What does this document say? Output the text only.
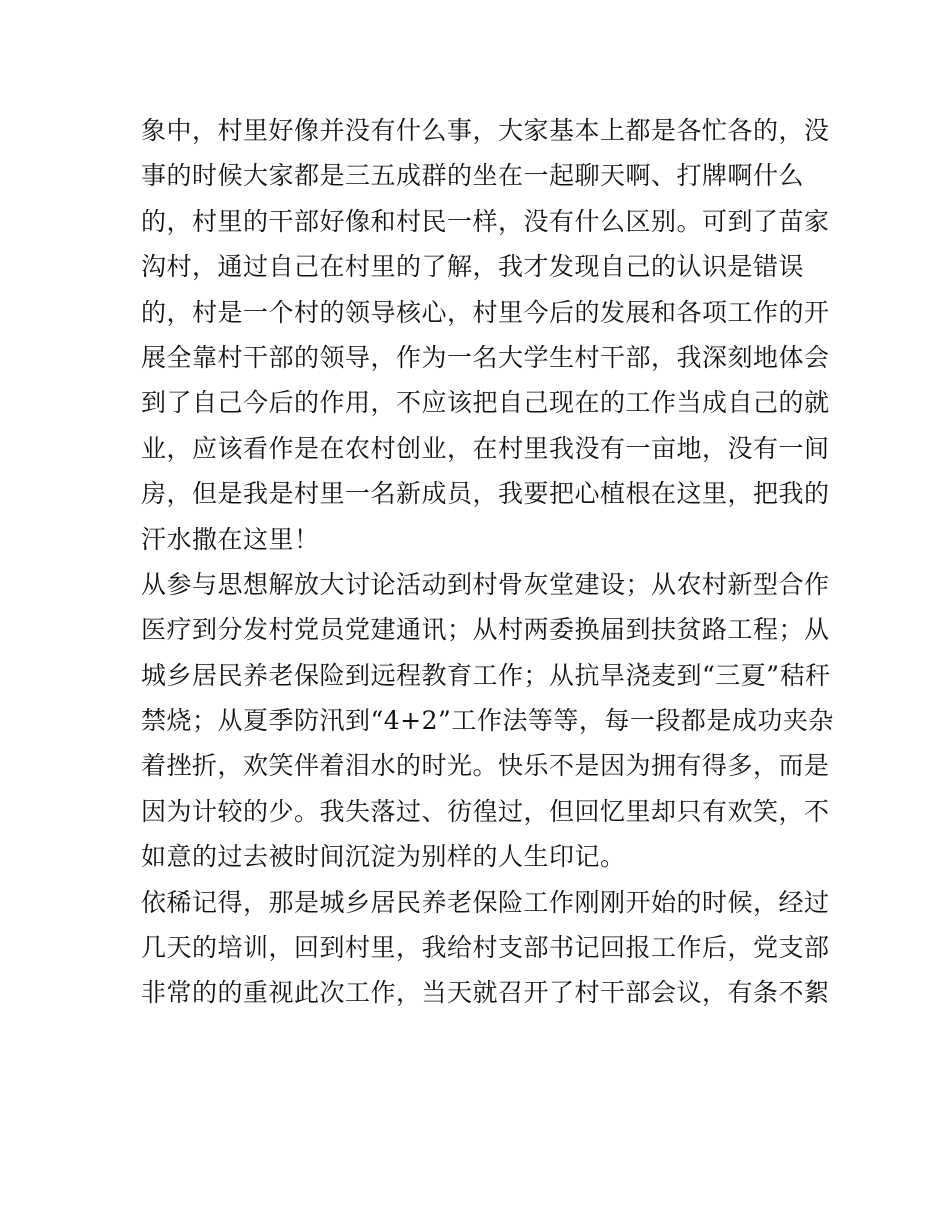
象中，村里好像并没有什么事，大家基本上都是各忙各的，没
事的时候大家都是三五成群的坐在一起聊天啊、打牌啊什么
的，村里的干部好像和村民一样，没有什么区别。可到了苗家
沟村，通过自己在村里的了解，我才发现自己的认识是错误
的，村是一个村的领导核心，村里今后的发展和各项工作的开
展全靠村干部的领导，作为一名大学生村干部，我深刻地体会
到了自己今后的作用，不应该把自己现在的工作当成自己的就
业，应该看作是在农村创业，在村里我没有一亩地，没有一间
房，但是我是村里一名新成员，我要把心植根在这里，把我的
汗水撒在这里！
从参与思想解放大讨论活动到村骨灰堂建设；从农村新型合作
医疗到分发村党员党建通讯；从村两委换届到扶贫路工程；从
城乡居民养老保险到远程教育工作；从抗旱浇麦到“三夏”秸秆
禁烧；从夏季防汛到“4+2”工作法等等，每一段都是成功夹杂
着挫折，欢笑伴着泪水的时光。快乐不是因为拥有得多，而是
因为计较的少。我失落过、彷徨过，但回忆里却只有欢笑，不
如意的过去被时间沉淀为别样的人生印记。
依稀记得，那是城乡居民养老保险工作刚刚开始的时候，经过
几天的培训，回到村里，我给村支部书记回报工作后，党支部
非常的的重视此次工作，当天就召开了村干部会议，有条不絮
